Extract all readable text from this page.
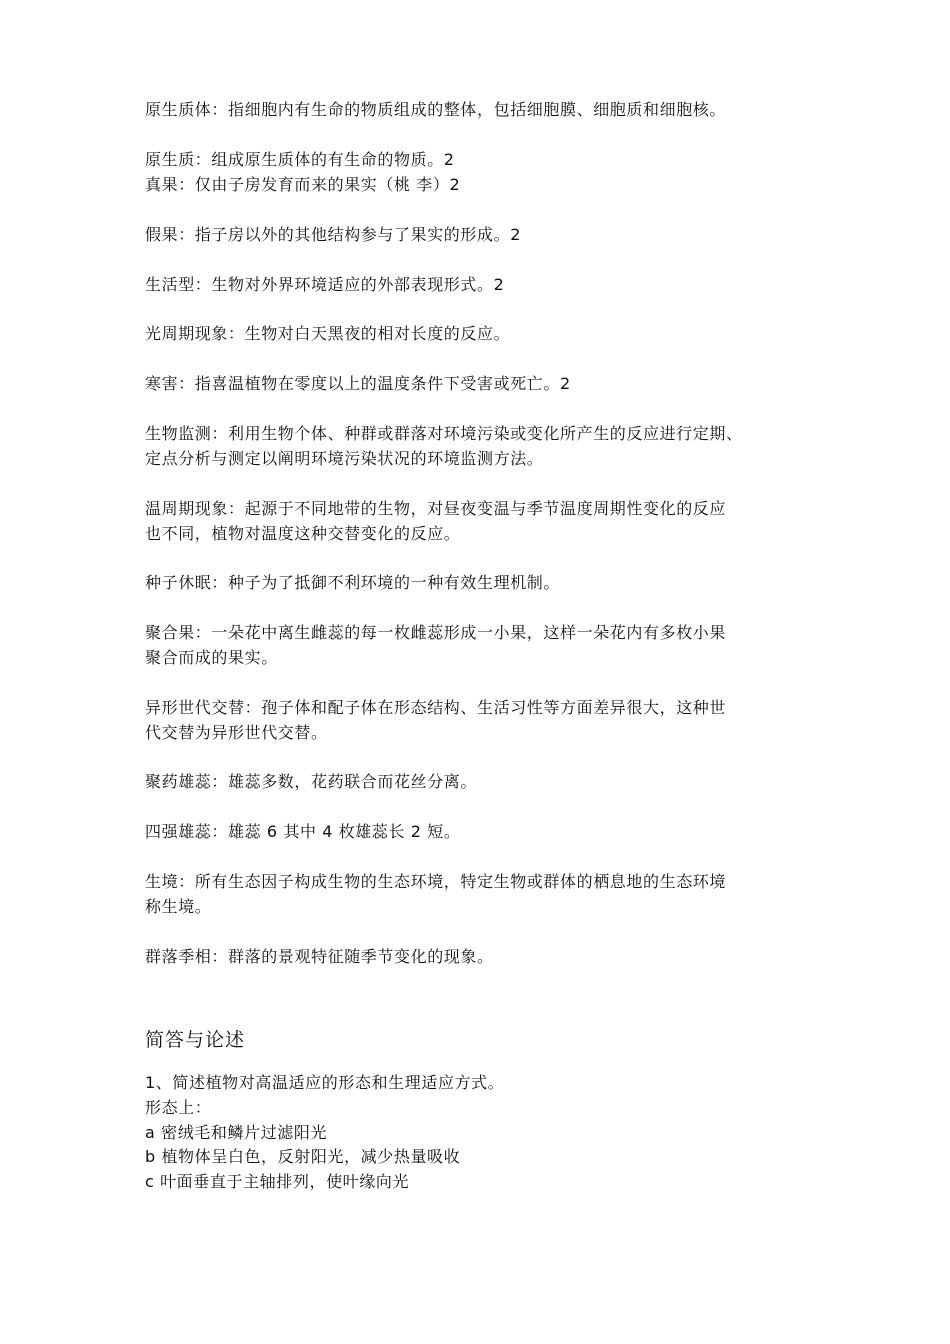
原生质体：指细胞内有生命的物质组成的整体，包括细胞膜、细胞质和细胞核。
原生质：组成原生质体的有生命的物质。2
真果：仅由子房发育而来的果实（桃 李）2
假果：指子房以外的其他结构参与了果实的形成。2
生活型：生物对外界环境适应的外部表现形式。2
光周期现象：生物对白天黑夜的相对长度的反应。
寒害：指喜温植物在零度以上的温度条件下受害或死亡。2
生物监测：利用生物个体、种群或群落对环境污染或变化所产生的反应进行定期、
定点分析与测定以阐明环境污染状况的环境监测方法。
温周期现象：起源于不同地带的生物，对昼夜变温与季节温度周期性变化的反应
也不同，植物对温度这种交替变化的反应。
种子休眠：种子为了抵御不利环境的一种有效生理机制。
聚合果：一朵花中离生雌蕊的每一枚雌蕊形成一小果，这样一朵花内有多枚小果
聚合而成的果实。
异形世代交替：孢子体和配子体在形态结构、生活习性等方面差异很大，这种世
代交替为异形世代交替。
聚药雄蕊：雄蕊多数，花药联合而花丝分离。
四强雄蕊：雄蕊 6 其中 4 枚雄蕊长 2 短。
生境：所有生态因子构成生物的生态环境，特定生物或群体的栖息地的生态环境
称生境。
群落季相：群落的景观特征随季节变化的现象。
简答与论述
1、简述植物对高温适应的形态和生理适应方式。
形态上：
a 密绒毛和鳞片过滤阳光
b 植物体呈白色，反射阳光，减少热量吸收
c 叶面垂直于主轴排列，使叶缘向光
